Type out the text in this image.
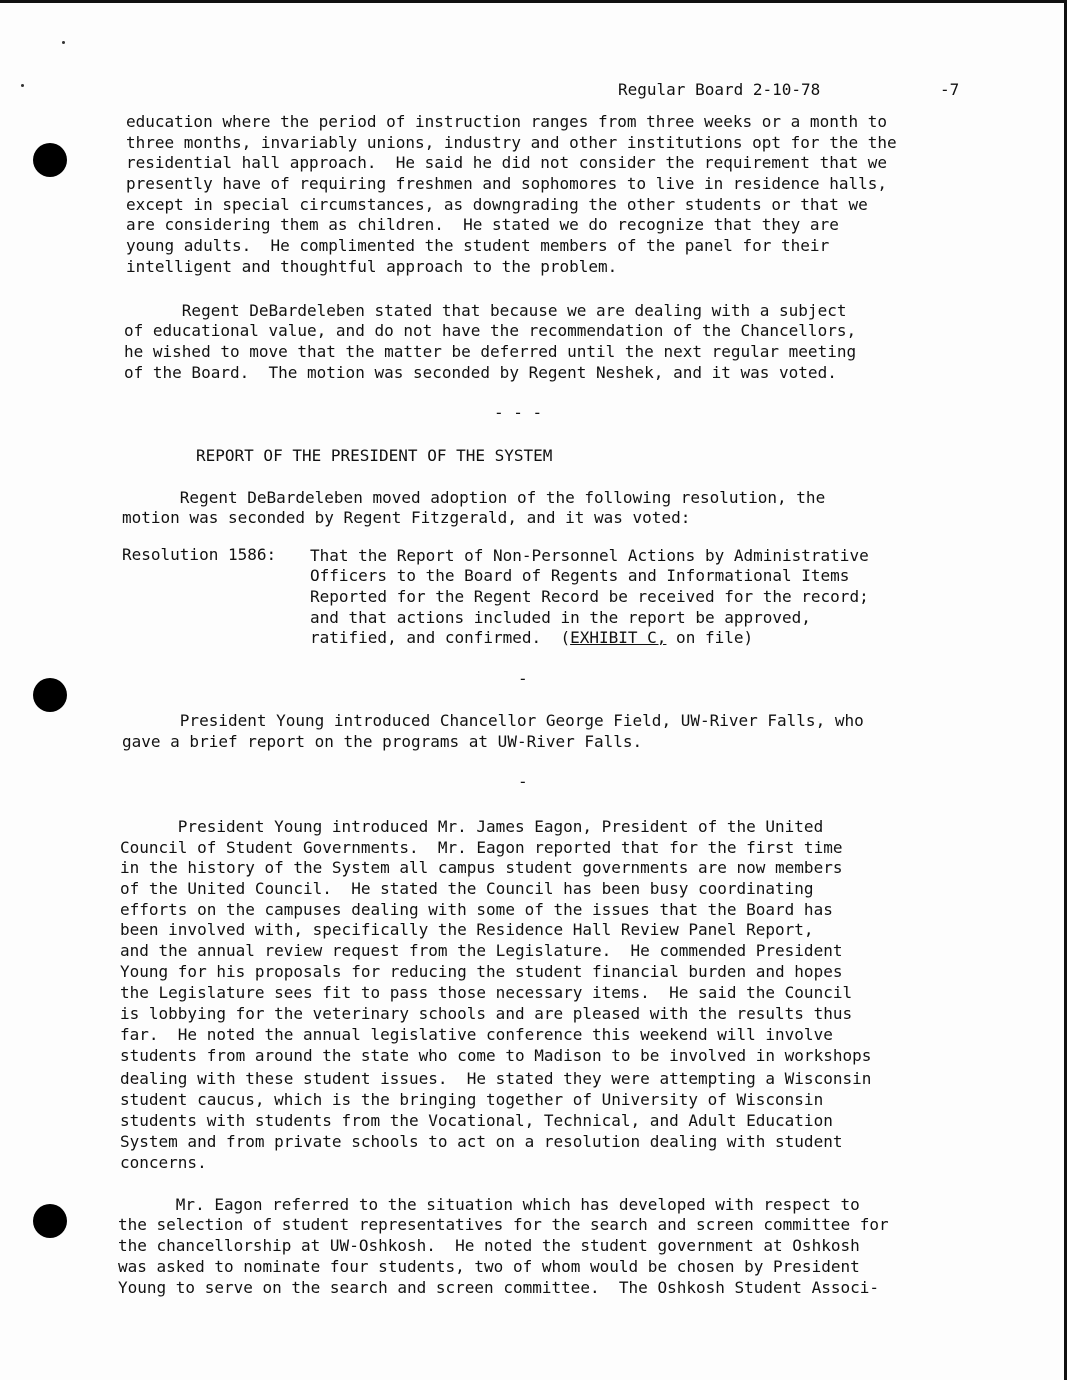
Regular Board 2-10-78	-7
education where the period of instruction ranges from three weeks or a month to
three months, invariably unions, industry and other institutions opt for the the
residential hall approach.  He said he did not consider the requirement that we
presently have of requiring freshmen and sophomores to live in residence halls,
except in special circumstances, as downgrading the other students or that we
are considering them as children.  He stated we do recognize that they are
young adults.  He complimented the student members of the panel for their
intelligent and thoughtful approach to the problem.
Regent DeBardeleben stated that because we are dealing with a subject
of educational value, and do not have the recommendation of the Chancellors,
he wished to move that the matter be deferred until the next regular meeting
of the Board.  The motion was seconded by Regent Neshek, and it was voted.
- - -
REPORT OF THE PRESIDENT OF THE SYSTEM
Regent DeBardeleben moved adoption of the following resolution, the
motion was seconded by Regent Fitzgerald, and it was voted:
Resolution 1586: That the Report of Non-Personnel Actions by Administrative
Officers to the Board of Regents and Informational Items
Reported for the Regent Record be received for the record;
and that actions included in the report be approved,
ratified, and confirmed.  (EXHIBIT C, on file)
-
President Young introduced Chancellor George Field, UW-River Falls, who
gave a brief report on the programs at UW-River Falls.
-
President Young introduced Mr. James Eagon, President of the United
Council of Student Governments.  Mr. Eagon reported that for the first time
in the history of the System all campus student governments are now members
of the United Council.  He stated the Council has been busy coordinating
efforts on the campuses dealing with some of the issues that the Board has
been involved with, specifically the Residence Hall Review Panel Report,
and the annual review request from the Legislature.  He commended President
Young for his proposals for reducing the student financial burden and hopes
the Legislature sees fit to pass those necessary items.  He said the Council
is lobbying for the veterinary schools and are pleased with the results thus
far.  He noted the annual legislative conference this weekend will involve
students from around the state who come to Madison to be involved in workshops
dealing with these student issues.  He stated they were attempting a Wisconsin
student caucus, which is the bringing together of University of Wisconsin
students with students from the Vocational, Technical, and Adult Education
System and from private schools to act on a resolution dealing with student
concerns.
Mr. Eagon referred to the situation which has developed with respect to
the selection of student representatives for the search and screen committee for
the chancellorship at UW-Oshkosh.  He noted the student government at Oshkosh
was asked to nominate four students, two of whom would be chosen by President
Young to serve on the search and screen committee.  The Oshkosh Student Associ-
